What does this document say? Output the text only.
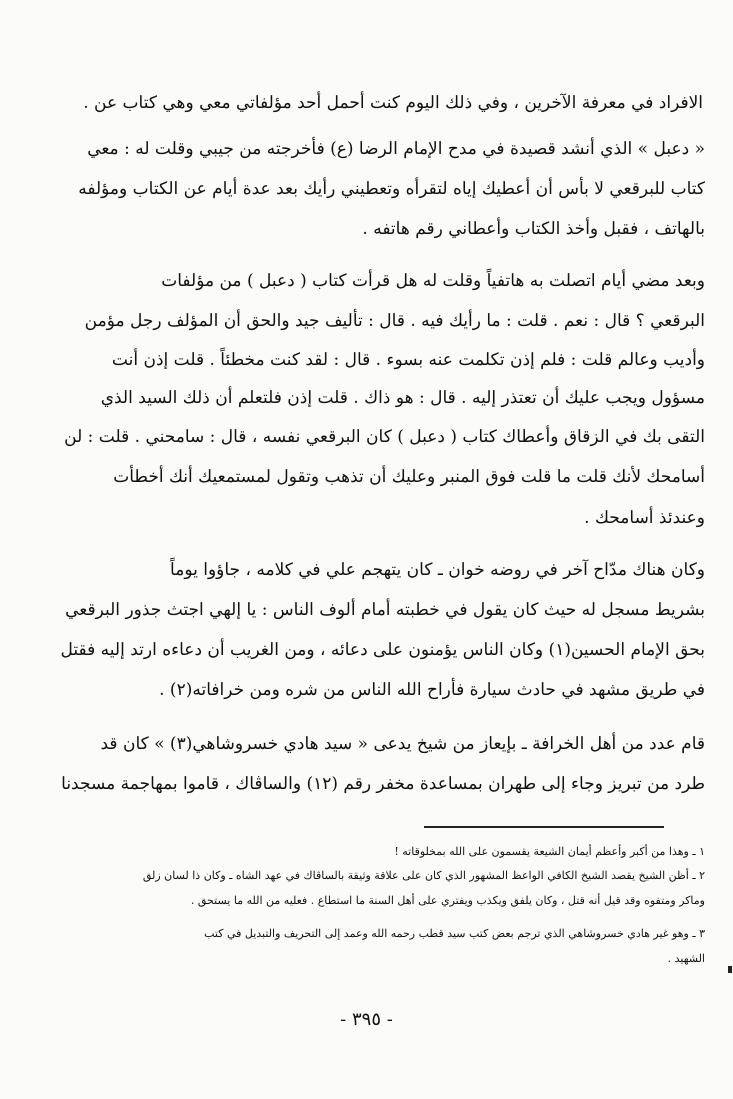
الافراد في معرفة الآخرين ، وفي ذلك اليوم كنت أحمل أحد مؤلفاتي معي وهي كتاب عن .
« دعبل » الذي أنشد قصيدة في مدح الإمام الرضا (ع) فأخرجته من جيبي وقلت له : معي
كتاب للبرقعي لا بأس أن أعطيك إياه لتقرأه وتعطيني رأيك بعد عدة أيام عن الكتاب ومؤلفه
بالهاتف ، فقبل وأخذ الكتاب وأعطاني رقم هاتفه .
وبعد مضي أيام اتصلت به هاتفياً وقلت له هل قرأت كتاب ( دعبل ) من مؤلفات
البرقعي ؟ قال : نعم . قلت : ما رأيك فيه . قال : تأليف جيد والحق أن المؤلف رجل مؤمن
وأديب وعالم قلت : فلم إذن تكلمت عنه بسوء . قال : لقد كنت مخطئاً . قلت إذن أنت
مسؤول ويجب عليك أن تعتذر إليه . قال : هو ذاك . قلت إذن فلتعلم أن ذلك السيد الذي
التقى بك في الزقاق وأعطاك كتاب ( دعبل ) كان البرقعي نفسه ، قال : سامحني . قلت : لن
أسامحك لأنك قلت ما قلت فوق المنبر وعليك أن تذهب وتقول لمستمعيك أنك أخطأت
وعندئذ أسامحك .
وكان هناك مدّاح آخر في روضه خوان ـ كان يتهجم علي في كلامه ، جاؤوا يوماً
بشريط مسجل له حيث كان يقول في خطبته أمام ألوف الناس : يا إلهي اجتث جذور البرقعي
بحق الإمام الحسين(١) وكان الناس يؤمنون على دعائه ، ومن الغريب أن دعاءه ارتد إليه فقتل
في طريق مشهد في حادث سيارة فأراح الله الناس من شره ومن خرافاته(٢) .
قام عدد من أهل الخرافة ـ بإيعاز من شيخ يدعى « سيد هادي خسروشاهي(٣) » كان قد
طرد من تبريز وجاء إلى طهران بمساعدة مخفر رقم (١٢) والساڤاك ، قاموا بمهاجمة مسجدنا
١ ـ وهذا من أكبر وأعظم أيمان الشيعة يقسمون على الله بمخلوقاته !
٢ ـ أظن الشيخ يقصد الشيخ الكافي الواعظ المشهور الذي كان على علاقة وثيقة بالساڤاك في عهد الشاه ـ وكان ذا لسان زلق
وماكر ومتفوه وقد قيل أنه قتل ، وكان يلفق ويكذب ويفتري على أهل السنة ما استطاع . فعليه من الله ما يستحق .
٣ ـ وهو غير هادي خسروشاهي الذي ترجم بعض كتب سيد قطب رحمه الله وعمد إلى التحريف والتبديل في كتب
الشهيد .
- ٣٩٥ -
